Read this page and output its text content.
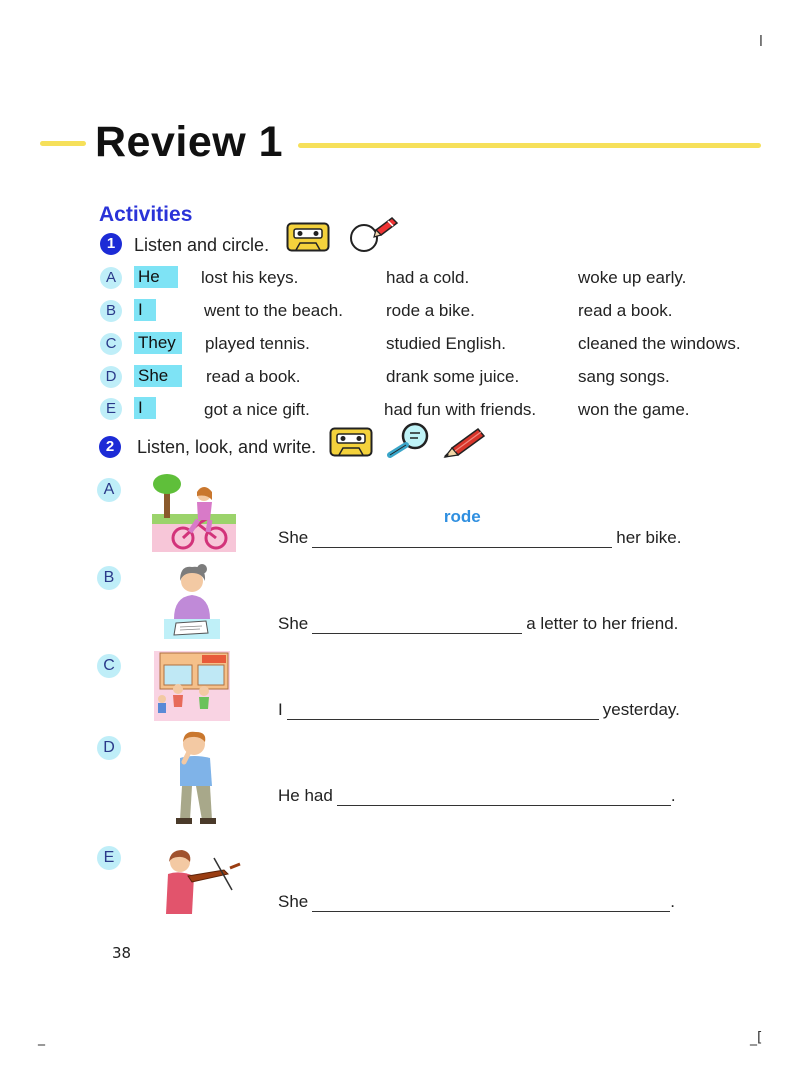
l
_	_[
Review 1
Activities
1	Listen and circle.
A	He	lost his keys.	had a cold.	woke up early.
B	I	went to the beach.	rode a bike.	read a book.
C	They	played tennis.	studied English.	cleaned the windows.
D	She	read a book.	drank some juice.	sang songs.
E	I	got a nice gift.	had fun with friends. won the game.
2	Listen, look, and write.
A
She
rode
her bike.
B
She	a letter to her friend.
C
I	yesterday.
D
He had	.
E
She	.
38
